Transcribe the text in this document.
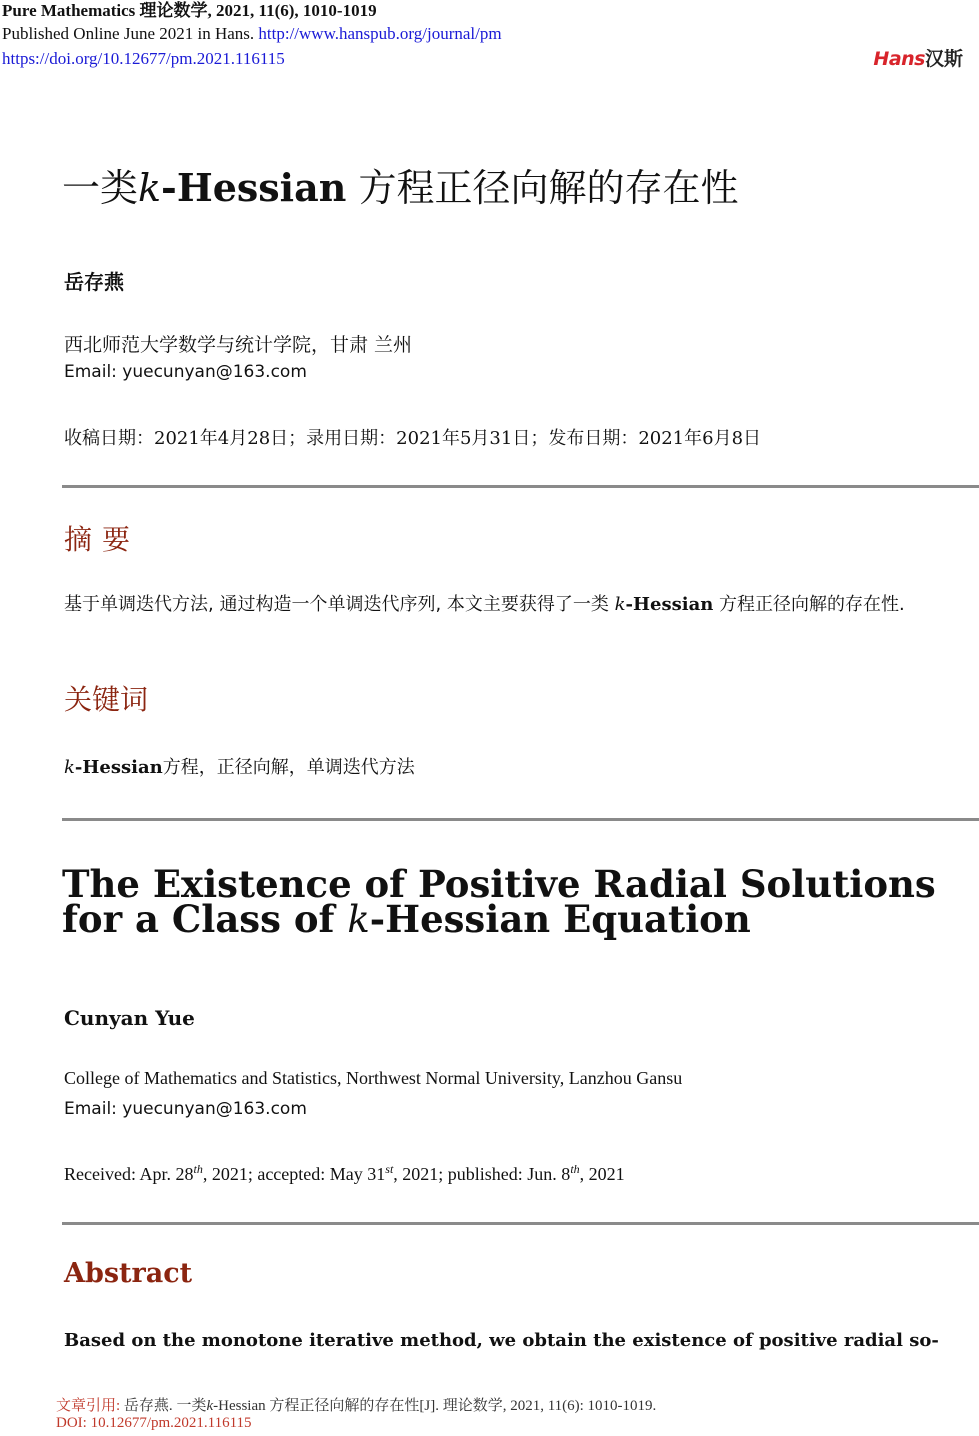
Pure Mathematics 理论数学, 2021, 11(6), 1010-1019
Published Online June 2021 in Hans. http://www.hanspub.org/journal/pm
https://doi.org/10.12677/pm.2021.116115	Hans汉斯
一类k-Hessian 方程正径向解的存在性
岳存燕
西北师范大学数学与统计学院，甘肃 兰州
Email: yuecunyan@163.com
收稿日期：2021年4月28日；录用日期：2021年5月31日；发布日期：2021年6月8日
摘要
基于单调迭代方法, 通过构造一个单调迭代序列, 本文主要获得了一类 k-Hessian 方程正径向解的存在性.
关键词
k-Hessian方程，正径向解，单调迭代方法
The Existence of Positive Radial Solutions
for a Class of k-Hessian Equation
Cunyan Yue
College of Mathematics and Statistics, Northwest Normal University, Lanzhou Gansu
Email: yuecunyan@163.com
Received: Apr. 28th, 2021; accepted: May 31st, 2021; published: Jun. 8th, 2021
Abstract
Based on the monotone iterative method, we obtain the existence of positive radial so-
文章引用: 岳存燕. 一类k-Hessian 方程正径向解的存在性[J]. 理论数学, 2021, 11(6): 1010-1019.
DOI: 10.12677/pm.2021.116115
